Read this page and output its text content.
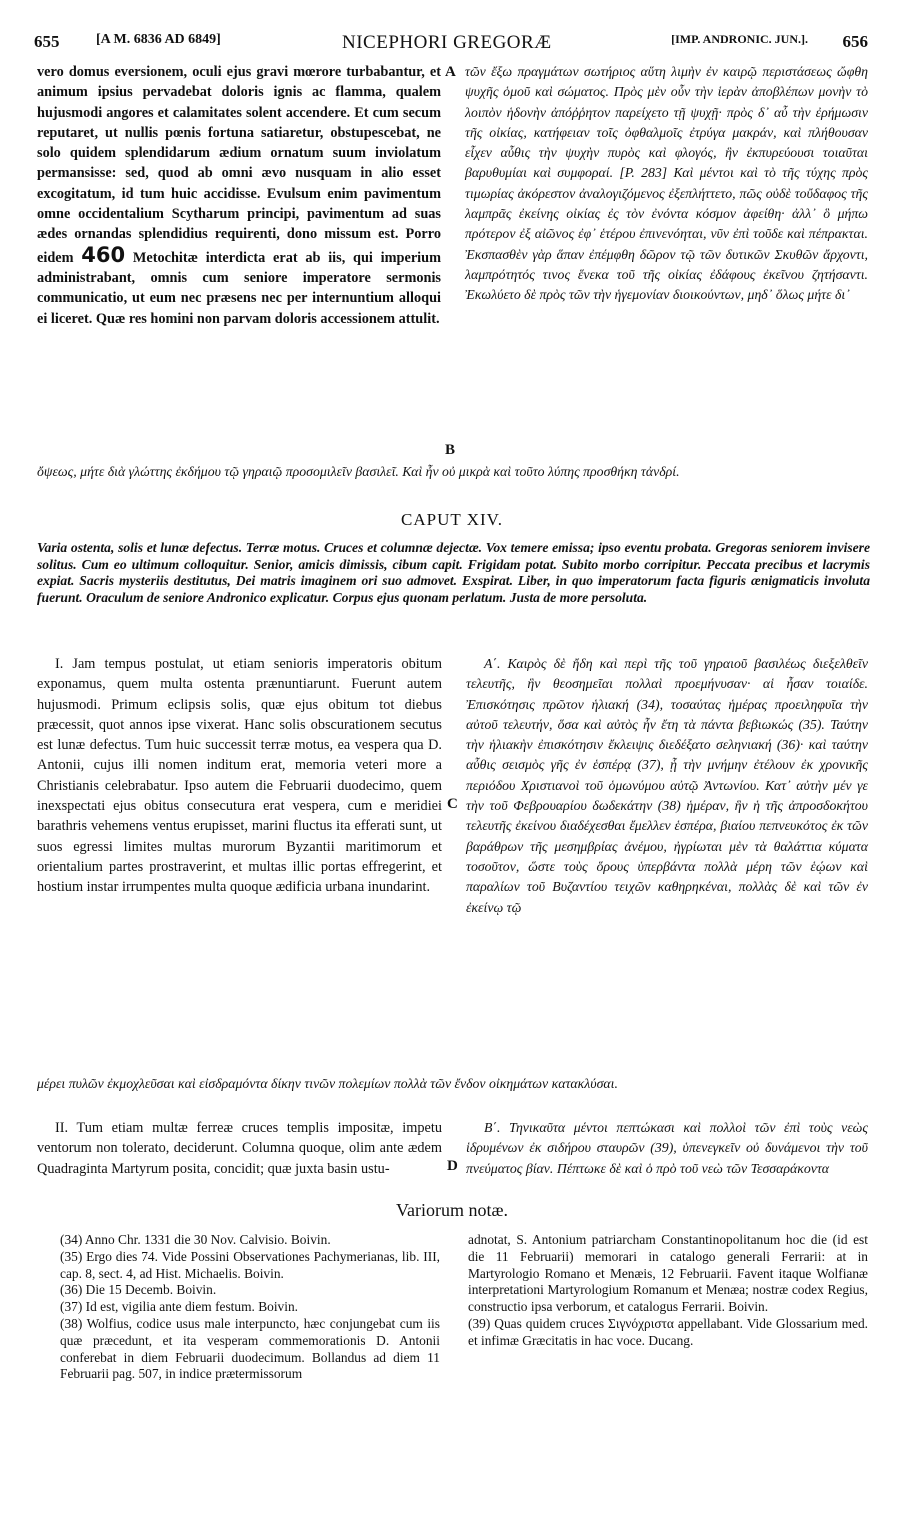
655	[A M. 6836 AD 6849]	NICEPHORI GREGORÆ	[IMP. ANDRONIC. JUN.]. 656
vero domus eversionem, oculi ejus gravi mœrore turbabantur, et animum ipsius pervadebat doloris ignis ac flamma, qualem hujusmodi angores et calamitates solent accendere. Et cum secum reputaret, ut nullis pœnis fortuna satiaretur, obstupescebat, ne solo quidem splendidarum ædium ornatum suum inviolatum permansisse: sed, quod ab omni ævo nusquam in alio esset excogitatum, id tum huic accidisse. Evulsum enim pavimentum omne occidentalium Scytharum principi, pavimentum ad suas ædes ornandas splendidius requirenti, dono missum est. Porro eidem 460 Metochitæ interdicta erat ab iis, qui imperium administrabant, omnis cum seniore imperatore sermonis communicatio, ut eum nec præsens nec per internuntium alloqui ei liceret. Quæ res homini non parvam doloris accessionem attulit.
A
B
τῶν ἔξω πραγμάτων σωτήριος αὕτη λιμὴν ἐν καιρῷ περιστάσεως ὤφθη ψυχῆς ὁμοῦ καὶ σώματος. Πρὸς μὲν οὖν τὴν ἱερὰν ἀποβλέπων μονὴν τὸ λοιπὸν ἡδονὴν ἀπόῤῥητον παρείχετο τῇ ψυχῇ· πρὸς δ᾽ αὖ τὴν ἐρήμωσιν τῆς οἰκίας, κατήφειαν τοῖς ὀφθαλμοῖς ἐτρύγα μακράν, καὶ πλήθουσαν εἶχεν αὖθις τὴν ψυχὴν πυρὸς καὶ φλογός, ἣν ἐκπυρεύουσι τοιαῦται βαρυθυμίαι καὶ συμφοραί. [P. 283] Καὶ μέντοι καὶ τὸ τῆς τύχης πρὸς τιμωρίας ἀκόρεστον ἀναλογιζόμενος ἐξεπλήττετο, πῶς οὐδὲ τοὔδαφος τῆς λαμπρᾶς ἐκείνης οἰκίας ἐς τὸν ἐνόντα κόσμον ἀφείθη· ἀλλ᾽ ὃ μήπω πρότερον ἐξ αἰῶνος ἐφ᾽ ἑτέρου ἐπινενόηται, νῦν ἐπὶ τοῦδε καὶ πέπρακται. Ἐκσπασθὲν γὰρ ἅπαν ἐπέμφθη δῶρον τῷ τῶν δυτικῶν Σκυθῶν ἄρχοντι, λαμπρότητός τινος ἕνεκα τοῦ τῆς οἰκίας ἐδάφους ἐκεῖνου ζητήσαντι. Ἐκωλύετο δὲ πρὸς τῶν τὴν ἡγεμονίαν διοικούντων, μηδ᾽ ὅλως μήτε δι᾽
ὄψεως, μήτε διὰ γλώττης ἐκδήμου τῷ γηραιῷ προσομιλεῖν βασιλεῖ. Καὶ ἦν οὐ μικρὰ καὶ τοῦτο λύπης προσθήκη τἀνδρί.
CAPUT XIV.
Varia ostenta, solis et lunæ defectus. Terræ motus. Cruces et columnæ dejectæ. Vox temere emissa; ipso eventu probata. Gregoras seniorem invisere solitus. Cum eo ultimum colloquitur. Senior, amicis dimissis, cibum capit. Frigidam potat. Subito morbo corripitur. Peccata precibus et lacrymis expiat. Sacris mysteriis destitutus, Dei matris imaginem ori suo admovet. Exspirat. Liber, in quo imperatorum facta figuris ænigmaticis involuta fuerunt. Oraculum de seniore Andronico explicatur. Corpus ejus quonam perlatum. Justa de more persoluta.
I. Jam tempus postulat, ut etiam senioris imperatoris obitum exponamus, quem multa ostenta prænuntiarunt. Fuerunt autem hujusmodi. Primum eclipsis solis, quæ ejus obitum tot diebus præcessit, quot annos ipse vixerat. Hanc solis obscurationem secutus est lunæ defectus. Tum huic successit terræ motus, ea vespera qua D. Antonii, cujus illi nomen inditum erat, memoria veteri more a Christianis celebrabatur. Ipso autem die Februarii duodecimo, quem inexspectati ejus obitus consecutura erat vespera, cum e meridiei barathris vehemens ventus erupisset, marini fluctus ita efferati sunt, ut suos egressi limites multas murorum Byzantii maritimorum et orientalium partes prostraverint, et multas illic portas effregerint, et hostium instar irrumpentes multa quoque ædificia urbana inundarint.
C
Α΄. Καιρὸς δὲ ἤδη καὶ περὶ τῆς τοῦ γηραιοῦ βασιλέως διεξελθεῖν τελευτῆς, ἣν θεοσημεῖαι πολλαὶ προεμήνυσαν· αἱ ἦσαν τοιαίδε. Ἐπισκότησις πρῶτον ἡλιακή (34), τοσαύτας ἡμέρας προειληφυῖα τὴν αὐτοῦ τελευτήν, ὅσα καὶ αὐτὸς ἦν ἔτη τὰ πάντα βεβιωκώς (35). Ταύτην τὴν ἡλιακὴν ἐπισκότησιν ἔκλειψις διεδέξατο σεληνιακή (36)· καὶ ταύτην αὖθις σεισμὸς γῆς ἐν ἑσπέρᾳ (37), ᾗ τὴν μνήμην ἐτέλουν ἐκ χρονικῆς περιόδου Χριστιανοὶ τοῦ ὁμωνύμου αὐτῷ Ἀντωνίου. Κατ᾽ αὐτὴν μέν γε τὴν τοῦ Φεβρουαρίου δωδεκάτην (38) ἡμέραν, ἣν ἡ τῆς ἀπροσδοκήτου τελευτῆς ἐκείνου διαδέχεσθαι ἔμελλεν ἑσπέρα, βιαίου πεπνευκότος ἐκ τῶν βαράθρων τῆς μεσημβρίας ἀνέμου, ἠγρίωται μὲν τὰ θαλάττια κύματα τοσοῦτον, ὥστε τοὺς ὅρους ὑπερβάντα πολλὰ μέρη τῶν ἑῴων καὶ παραλίων τοῦ Βυζαντίου τειχῶν καθηρηκέναι, πολλὰς δὲ καὶ τῶν ἐν ἐκείνῳ τῷ
μέρει πυλῶν ἐκμοχλεῦσαι καὶ εἰσδραμόντα δίκην τινῶν πολεμίων πολλὰ τῶν ἔνδον οἰκημάτων κατακλύσαι.
II. Tum etiam multæ ferreæ cruces templis impositæ, impetu ventorum non tolerato, deciderunt. Columna quoque, olim ante ædem Quadraginta Martyrum posita, concidit; quæ juxta basin ustu-	D
Β΄. Τηνικαῦτα μέντοι πεπτώκασι καὶ πολλοὶ τῶν ἐπὶ τοὺς νεὼς ἱδρυμένων ἐκ σιδήρου σταυρῶν (39), ὑπενεγκεῖν οὐ δυνάμενοι τὴν τοῦ πνεύματος βίαν. Πέπτωκε δὲ καὶ ὁ πρὸ τοῦ νεὼ τῶν Τεσσαράκοντα
Variorum notæ.

(34) Anno Chr. 1331 die 30 Nov. Calvisio. Boivin.

(35) Ergo dies 74. Vide Possini Observationes Pachymerianas, lib. III, cap. 8, sect. 4, ad Hist. Michaelis. Boivin.

(36) Die 15 Decemb. Boivin.

(37) Id est, vigilia ante diem festum. Boivin.

(38) Wolfius, codice usus male interpuncto, hæc conjungebat cum iis quæ præcedunt, et ita vesperam commemorationis D. Antonii conferebat in diem Februarii duodecimum. Bollandus ad diem 11 Februarii pag. 507, in indice prætermissorum

adnotat, S. Antonium patriarcham Constantinopolitanum hoc die (id est die 11 Februarii) memorari in catalogo generali Ferrarii: at in Martyrologio Romano et Menæis, 12 Februarii. Favent itaque Wolfianæ interpretationi Martyrologium Romanum et Menæa; nostræ codex Regius, constructio ipsa verborum, et catalogus Ferrarii. Boivin.

(39) Quas quidem cruces Σιγνόχριστα appellabant. Vide Glossarium med. et infimæ Græcitatis in hac voce. Ducang.
